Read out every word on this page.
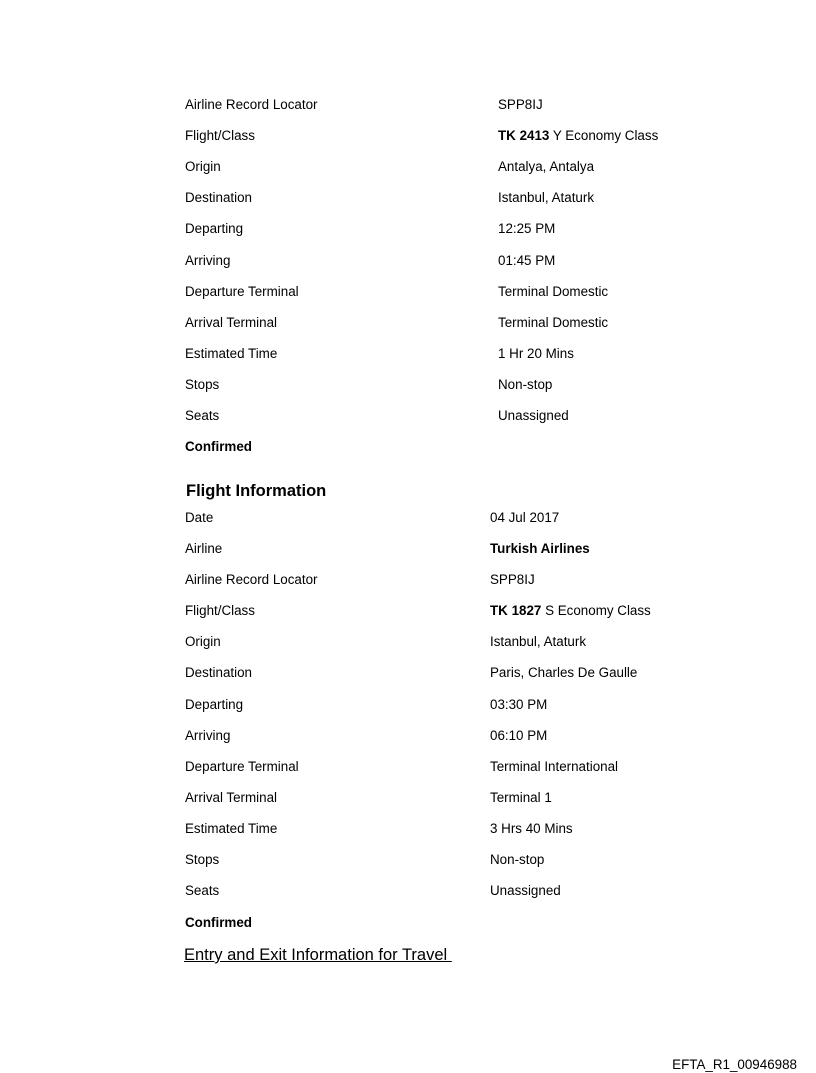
Airline Record Locator	SPP8IJ
Flight/Class	TK 2413 Y Economy Class
Origin	Antalya, Antalya
Destination	Istanbul, Ataturk
Departing	12:25 PM
Arriving	01:45 PM
Departure Terminal	Terminal Domestic
Arrival Terminal	Terminal Domestic
Estimated Time	1 Hr 20 Mins
Stops	Non-stop
Seats	Unassigned
Confirmed
Flight Information
Date	04 Jul 2017
Airline	Turkish Airlines
Airline Record Locator	SPP8IJ
Flight/Class	TK 1827 S Economy Class
Origin	Istanbul, Ataturk
Destination	Paris, Charles De Gaulle
Departing	03:30 PM
Arriving	06:10 PM
Departure Terminal	Terminal International
Arrival Terminal	Terminal 1
Estimated Time	3 Hrs 40 Mins
Stops	Non-stop
Seats	Unassigned
Confirmed
Entry and Exit Information for Travel
EFTA_R1_00946988
